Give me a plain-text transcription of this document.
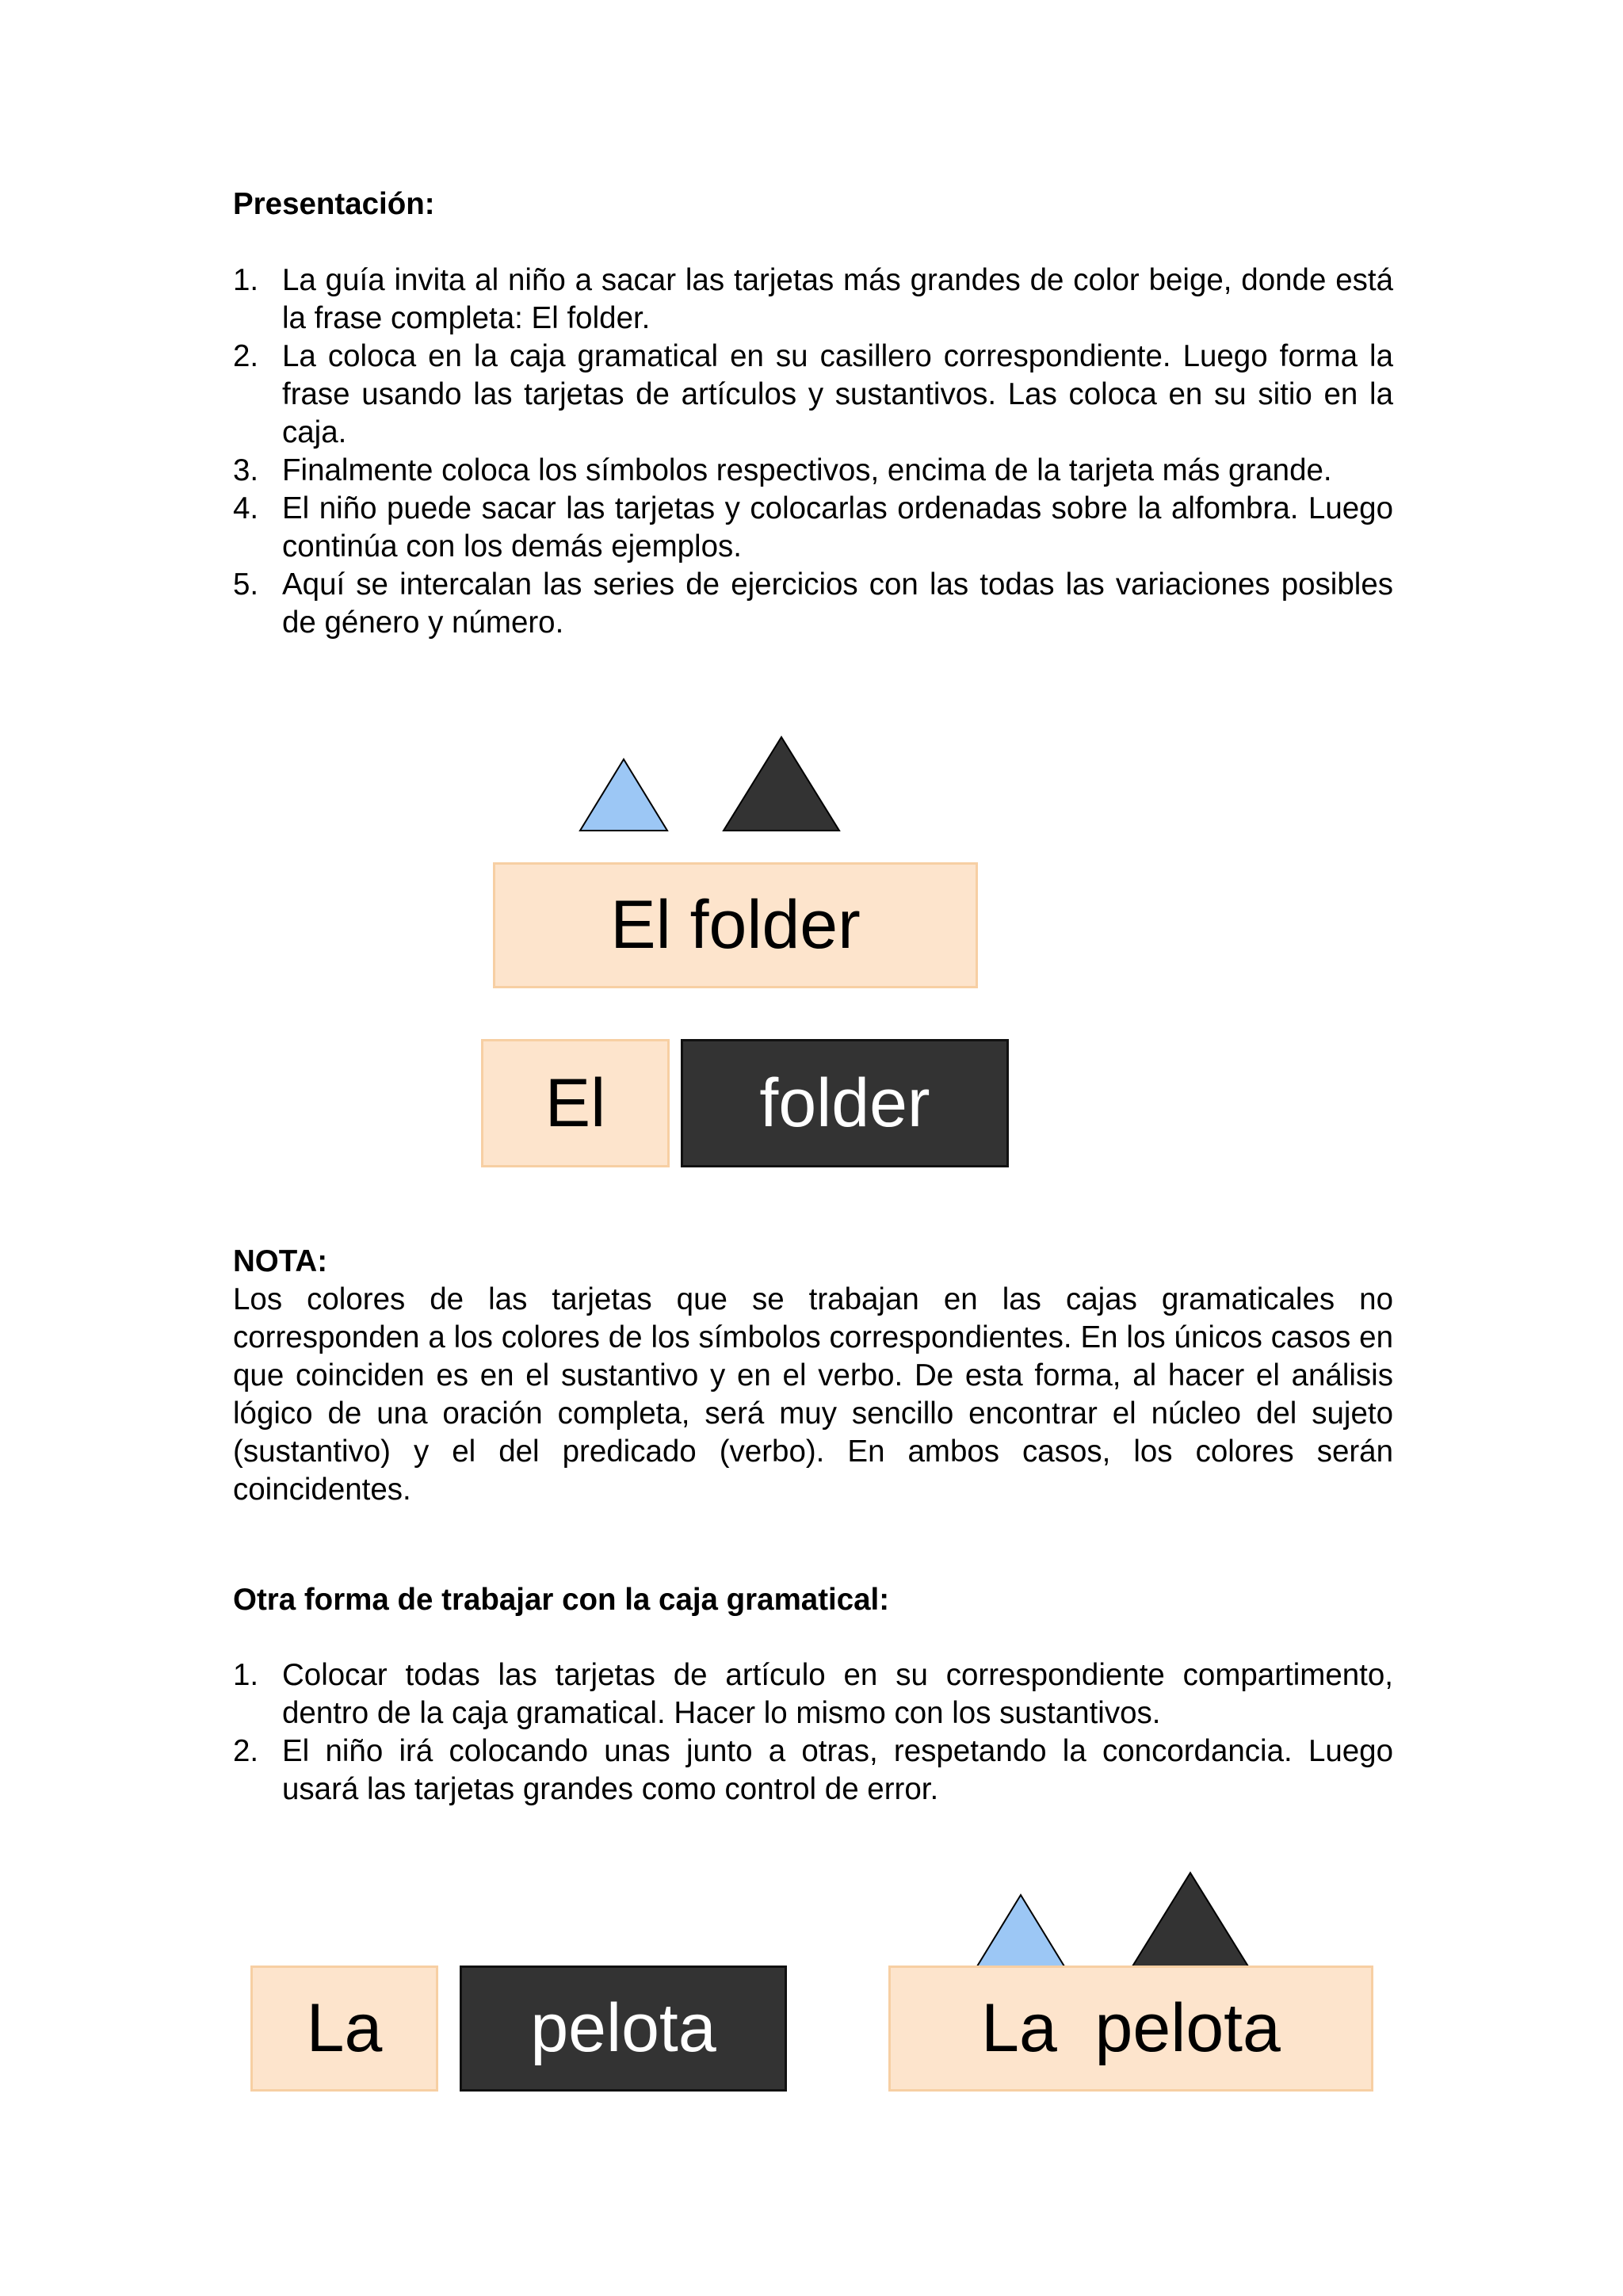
Presentación:
1. La guía invita al niño a sacar las tarjetas más grandes de color beige, donde está la frase completa: El folder.
2. La coloca en la caja gramatical en su casillero correspondiente. Luego forma la frase usando las tarjetas de artículos y sustantivos. Las coloca en su sitio en la caja.
3. Finalmente coloca los símbolos respectivos, encima de la tarjeta más grande.
4. El niño puede sacar las tarjetas y colocarlas ordenadas sobre la alfombra. Luego continúa con los demás ejemplos.
5. Aquí se intercalan las series de ejercicios con las todas las variaciones posibles de género y número.
El folder
El	folder
NOTA:
Los colores de las tarjetas que se trabajan en las cajas gramaticales no corresponden a los colores de los símbolos correspondientes. En los únicos casos en que coinciden es en el sustantivo y en el verbo. De esta forma, al hacer el análisis lógico de una oración completa, será muy sencillo encontrar el núcleo del sujeto (sustantivo) y el del predicado (verbo). En ambos casos, los colores serán coincidentes.
Otra forma de trabajar con la caja gramatical:
1. Colocar todas las tarjetas de artículo en su correspondiente compartimento, dentro de la caja gramatical. Hacer lo mismo con los sustantivos.
2. El niño irá colocando unas junto a otras, respetando la concordancia. Luego usará las tarjetas grandes como control de error.
La	pelota	La  pelota
